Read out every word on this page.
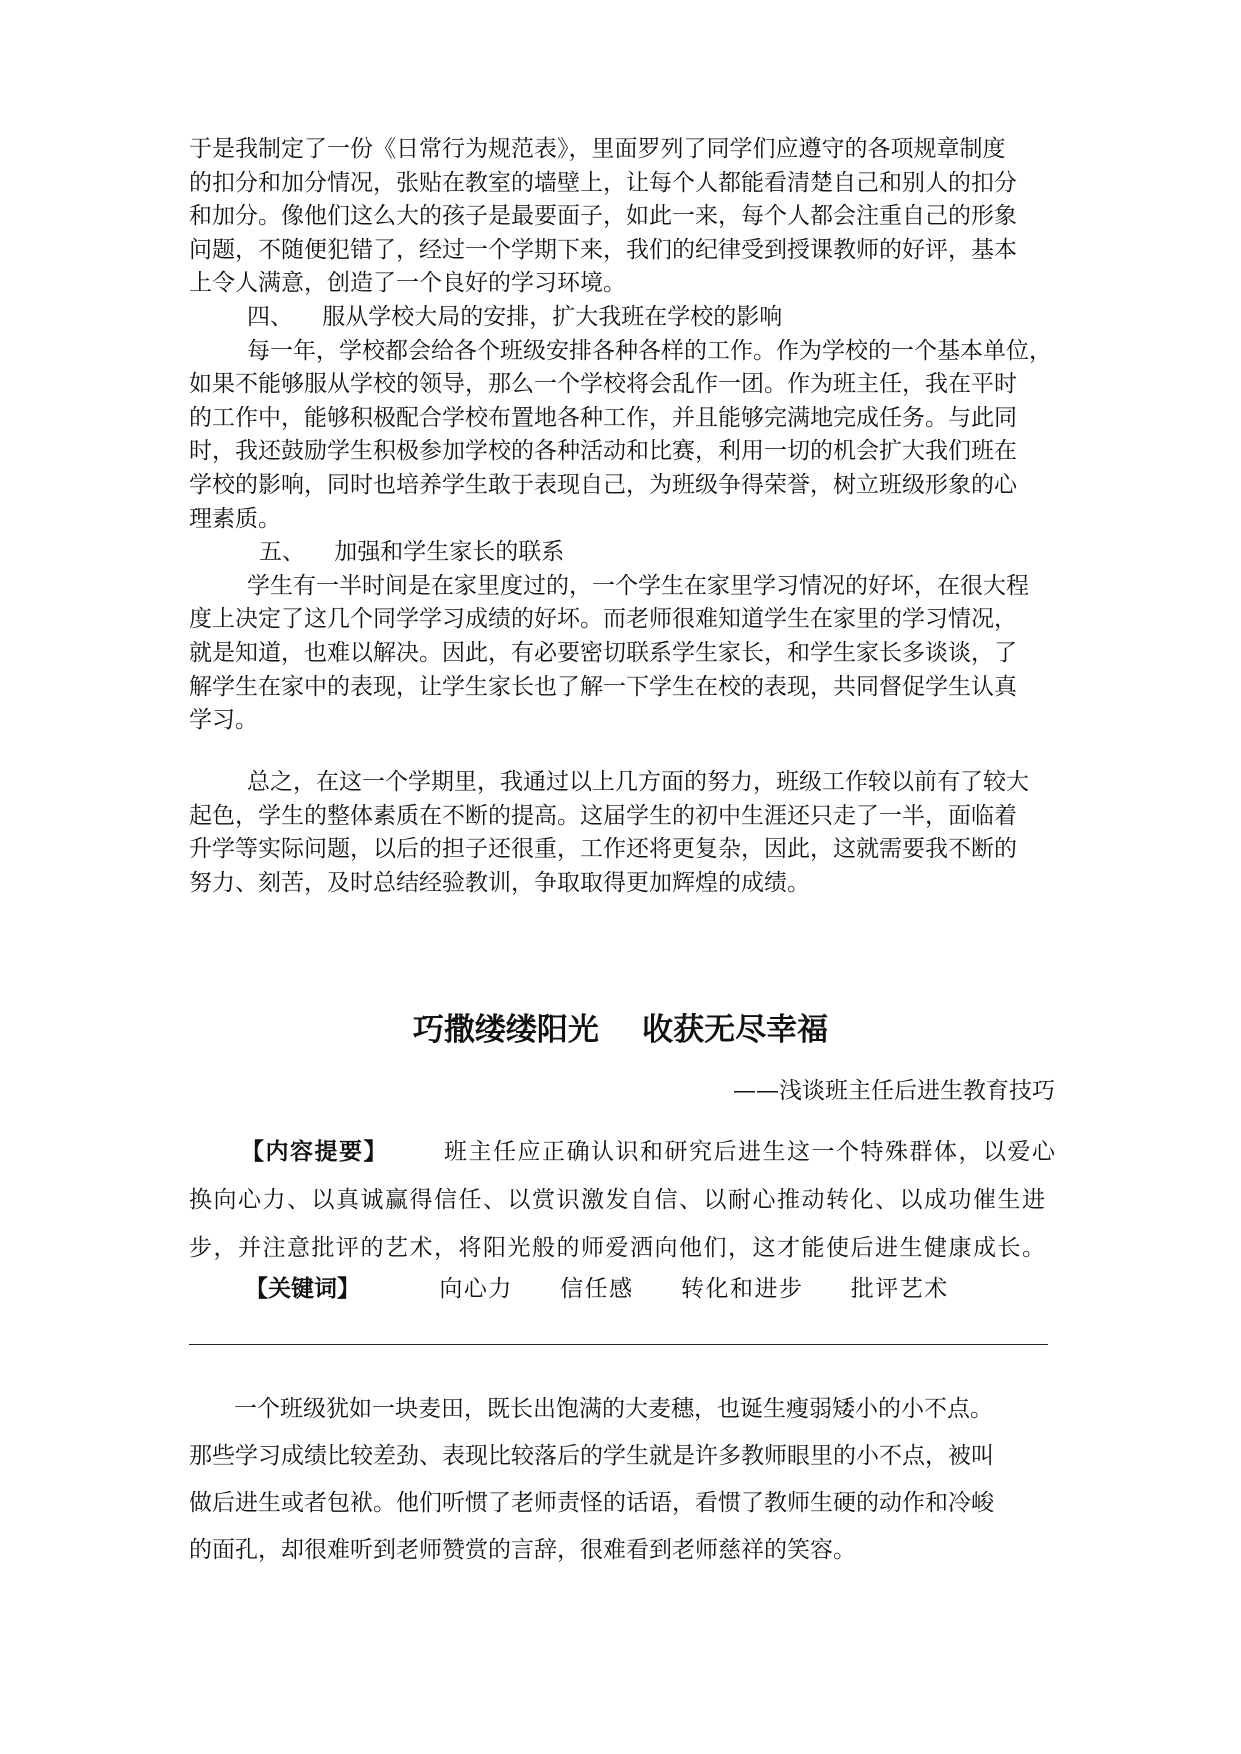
于是我制定了一份《日常行为规范表》，里面罗列了同学们应遵守的各项规章制度
的扣分和加分情况，张贴在教室的墙壁上，让每个人都能看清楚自己和别人的扣分
和加分。像他们这么大的孩子是最要面子，如此一来，每个人都会注重自己的形象
问题，不随便犯错了，经过一个学期下来，我们的纪律受到授课教师的好评，基本
上令人满意，创造了一个良好的学习环境。
四、    服从学校大局的安排，扩大我班在学校的影响
每一年，学校都会给各个班级安排各种各样的工作。作为学校的一个基本单位，
如果不能够服从学校的领导，那么一个学校将会乱作一团。作为班主任，我在平时
的工作中，能够积极配合学校布置地各种工作，并且能够完满地完成任务。与此同
时，我还鼓励学生积极参加学校的各种活动和比赛，利用一切的机会扩大我们班在
学校的影响，同时也培养学生敢于表现自己，为班级争得荣誉，树立班级形象的心
理素质。
五、    加强和学生家长的联系
学生有一半时间是在家里度过的，一个学生在家里学习情况的好坏，在很大程
度上决定了这几个同学学习成绩的好坏。而老师很难知道学生在家里的学习情况，
就是知道，也难以解决。因此，有必要密切联系学生家长，和学生家长多谈谈，了
解学生在家中的表现，让学生家长也了解一下学生在校的表现，共同督促学生认真
学习。
总之，在这一个学期里，我通过以上几方面的努力，班级工作较以前有了较大
起色，学生的整体素质在不断的提高。这届学生的初中生涯还只走了一半，面临着
升学等实际问题，以后的担子还很重，工作还将更复杂，因此，这就需要我不断的
努力、刻苦，及时总结经验教训，争取取得更加辉煌的成绩。
巧撒缕缕阳光    收获无尽幸福
——浅谈班主任后进生教育技巧
【内容提要】 班主任应正确认识和研究后进生这一个特殊群体，以爱心
换向心力、以真诚赢得信任、以赏识激发自信、以耐心推动转化、以成功催生进
步，并注意批评的艺术，将阳光般的师爱洒向他们，这才能使后进生健康成长。
【关键词】	向心力 信任感 转化和进步 批评艺术
一个班级犹如一块麦田，既长出饱满的大麦穗，也诞生瘦弱矮小的小不点。
那些学习成绩比较差劲、表现比较落后的学生就是许多教师眼里的小不点，被叫
做后进生或者包袱。他们听惯了老师责怪的话语，看惯了教师生硬的动作和冷峻
的面孔，却很难听到老师赞赏的言辞，很难看到老师慈祥的笑容。
